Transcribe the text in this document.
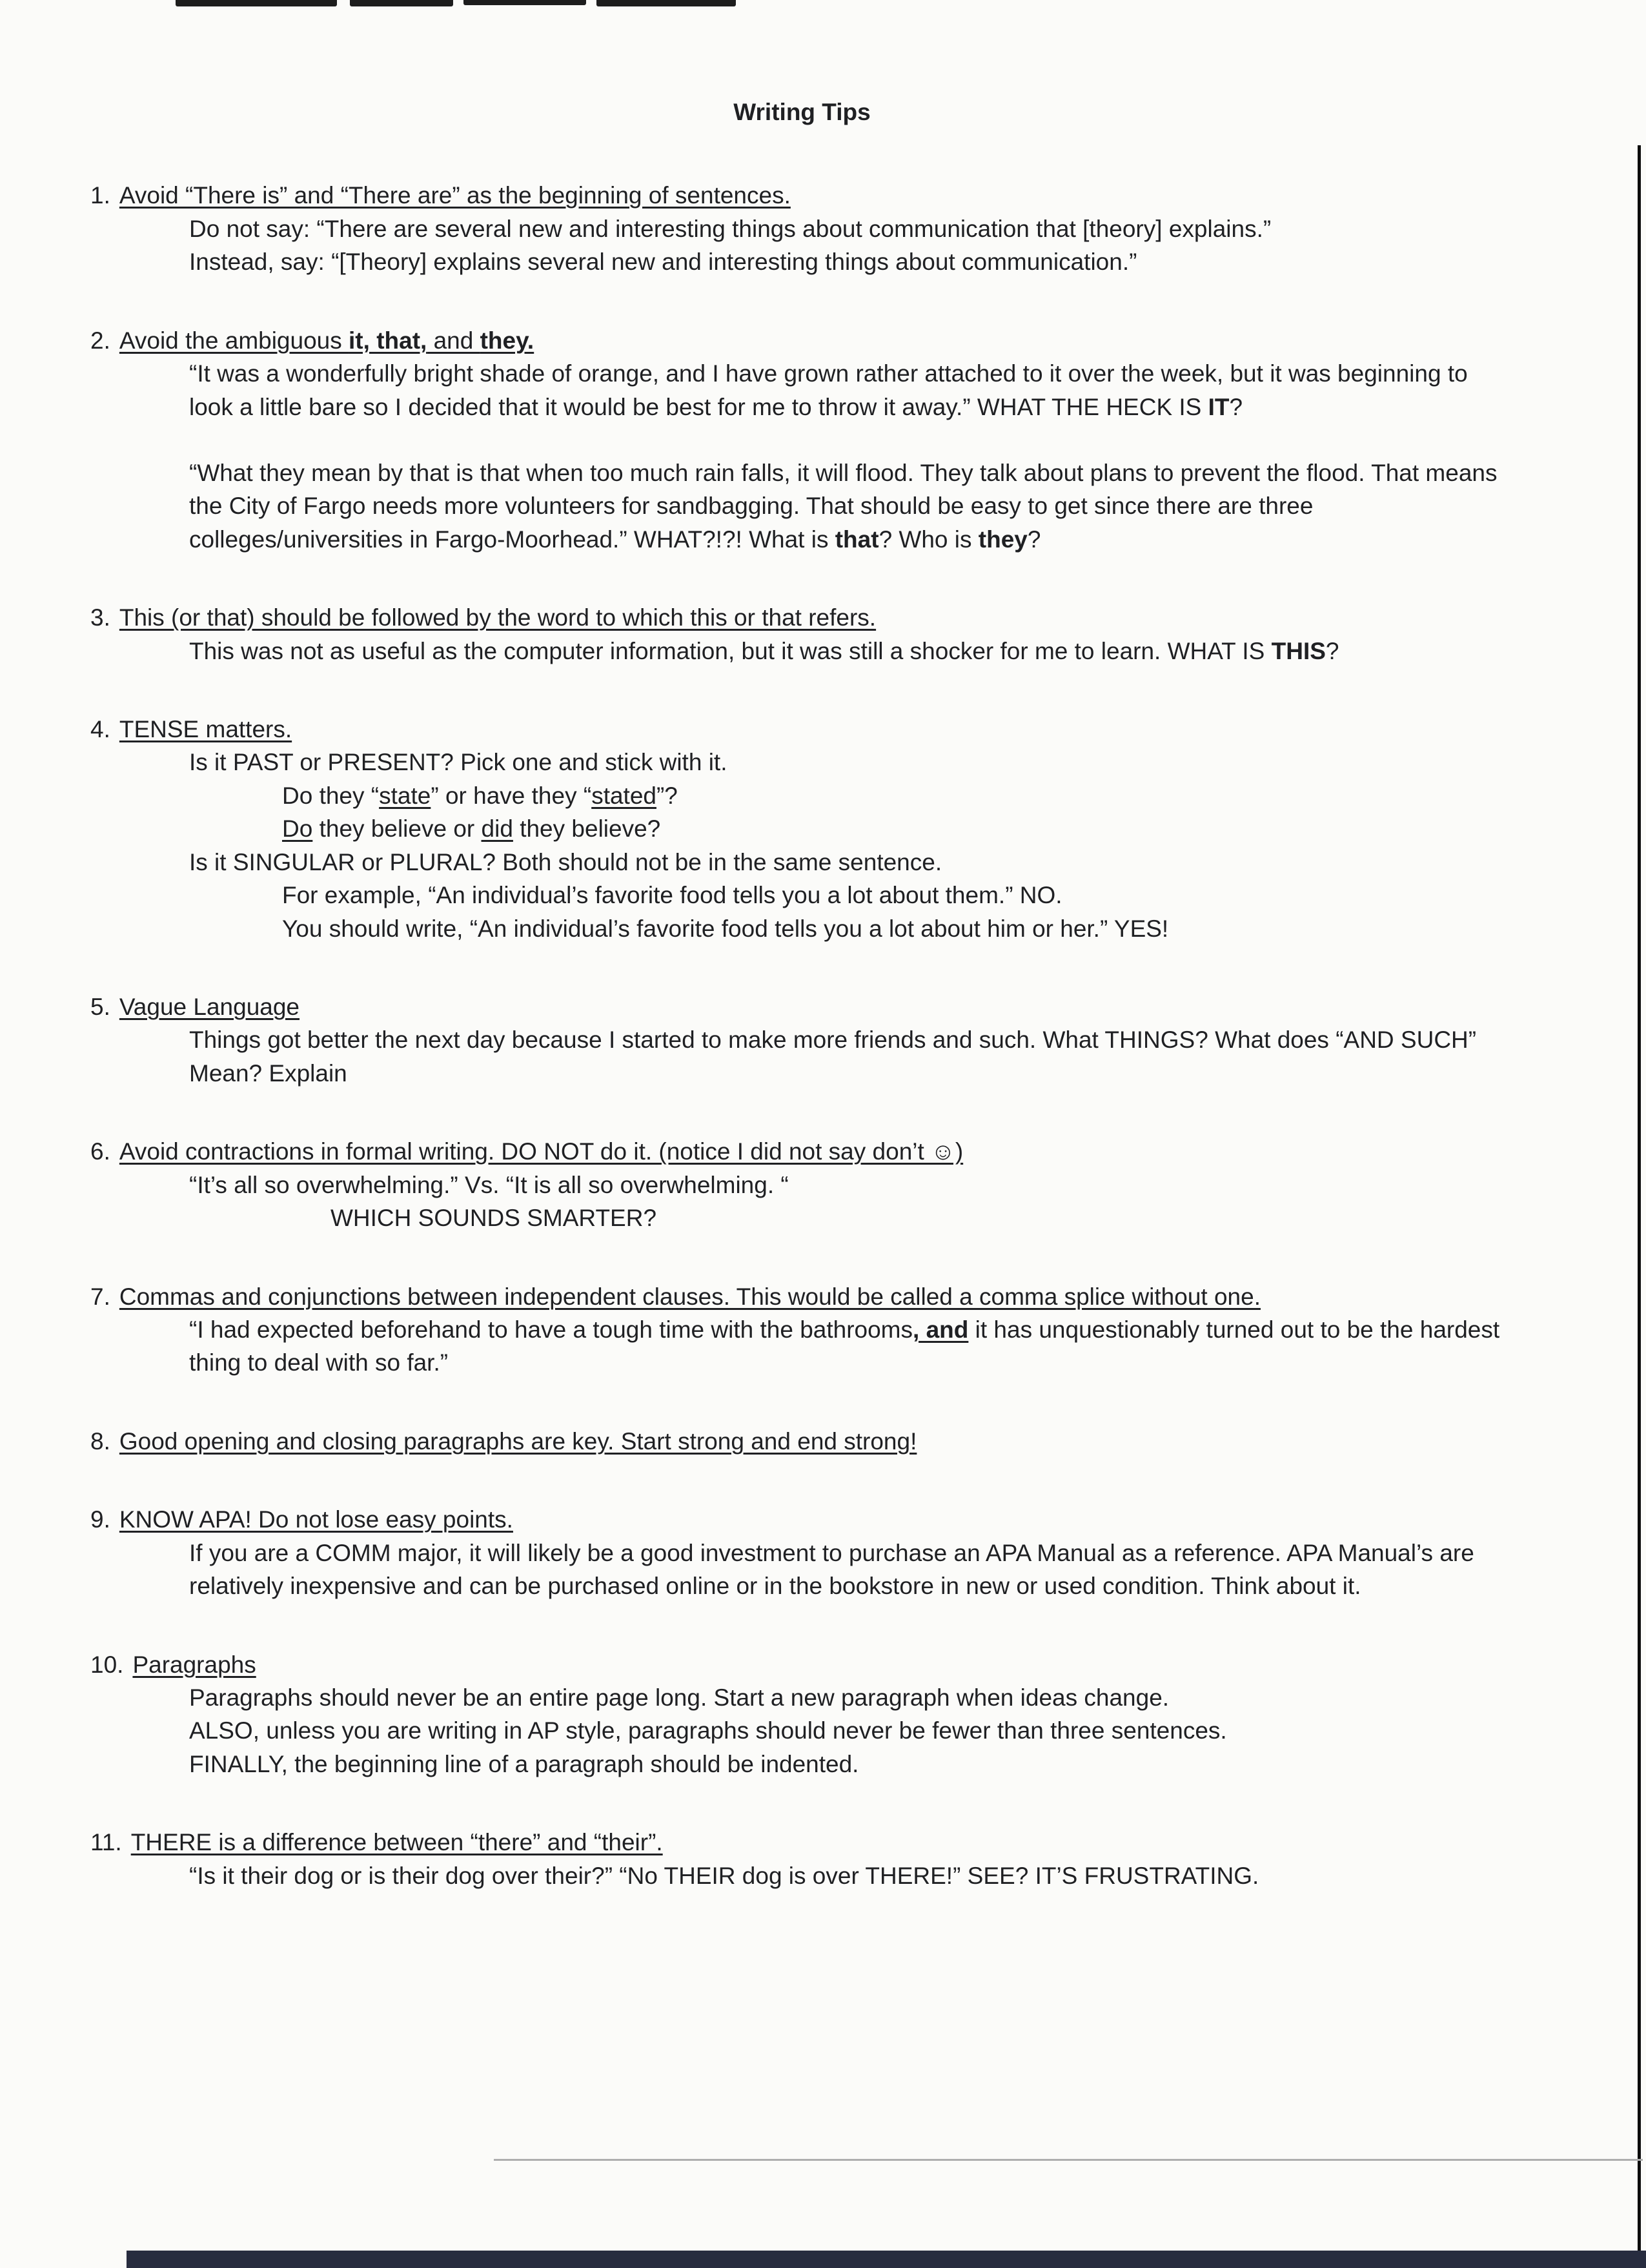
Writing Tips
1. Avoid “There is” and “There are” as the beginning of sentences.
Do not say: “There are several new and interesting things about communication that [theory] explains.”
Instead, say: “[Theory] explains several new and interesting things about communication.”
2. Avoid the ambiguous it, that, and they.
“It was a wonderfully bright shade of orange, and I have grown rather attached to it over the week, but it was beginning to look a little bare so I decided that it would be best for me to throw it away.” WHAT THE HECK IS IT?
“What they mean by that is that when too much rain falls, it will flood. They talk about plans to prevent the flood. That means the City of Fargo needs more volunteers for sandbagging. That should be easy to get since there are three colleges/universities in Fargo-Moorhead.” WHAT?!?! What is that? Who is they?
3. This (or that) should be followed by the word to which this or that refers.
This was not as useful as the computer information, but it was still a shocker for me to learn. WHAT IS THIS?
4. TENSE matters.
Is it PAST or PRESENT? Pick one and stick with it.
Do they “state” or have they “stated”?
Do they believe or did they believe?
Is it SINGULAR or PLURAL? Both should not be in the same sentence.
For example, “An individual’s favorite food tells you a lot about them.” NO.
You should write, “An individual’s favorite food tells you a lot about him or her.” YES!
5. Vague Language
Things got better the next day because I started to make more friends and such. What THINGS? What does “AND SUCH” Mean? Explain
6. Avoid contractions in formal writing. DO NOT do it. (notice I did not say don’t ☺)
“It’s all so overwhelming.” Vs. “It is all so overwhelming. “
WHICH SOUNDS SMARTER?
7. Commas and conjunctions between independent clauses. This would be called a comma splice without one.
“I had expected beforehand to have a tough time with the bathrooms, and it has unquestionably turned out to be the hardest thing to deal with so far.”
8. Good opening and closing paragraphs are key. Start strong and end strong!
9. KNOW APA! Do not lose easy points.
If you are a COMM major, it will likely be a good investment to purchase an APA Manual as a reference. APA Manual’s are relatively inexpensive and can be purchased online or in the bookstore in new or used condition. Think about it.
10. Paragraphs
Paragraphs should never be an entire page long. Start a new paragraph when ideas change.
ALSO, unless you are writing in AP style, paragraphs should never be fewer than three sentences.
FINALLY, the beginning line of a paragraph should be indented.
11. THERE is a difference between “there” and “their”.
“Is it their dog or is their dog over their?” “No THEIR dog is over THERE!” SEE? IT’S FRUSTRATING.
